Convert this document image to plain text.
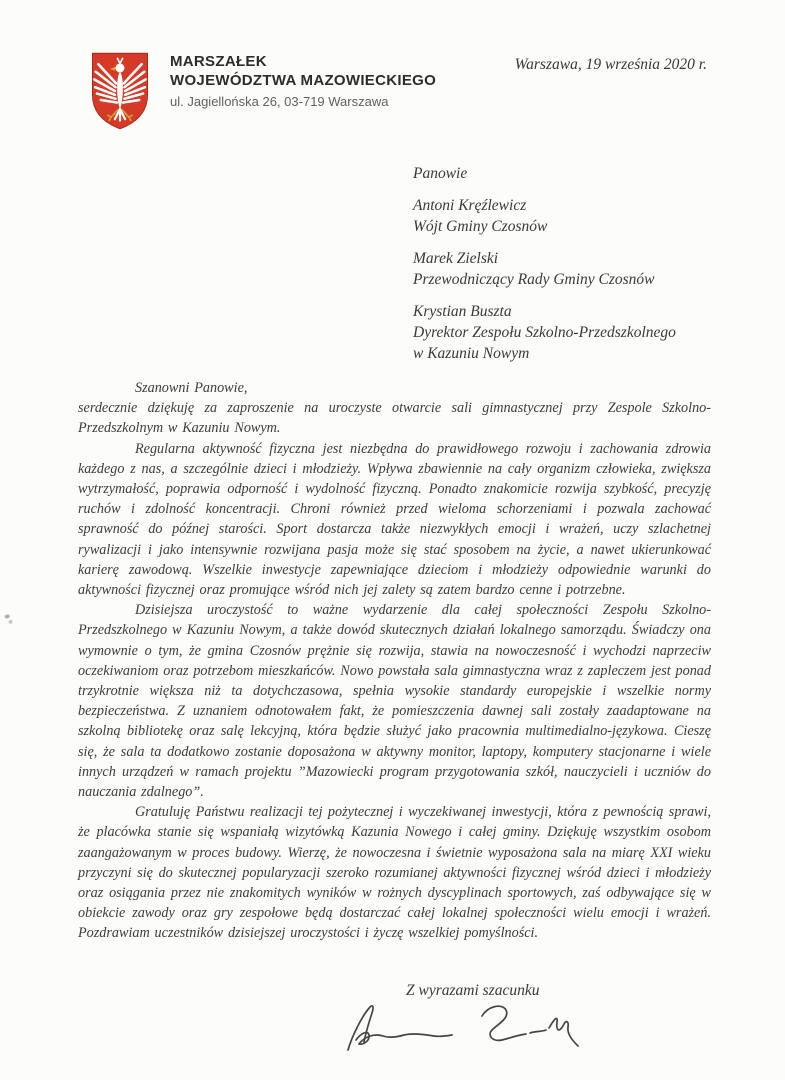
MARSZAŁEK
WOJEWÓDZTWA MAZOWIECKIEGO
ul. Jagiellońska 26, 03-719 Warszawa
Warszawa, 19 września 2020 r.
Panowie
Antoni Kręźlewicz
Wójt Gminy Czosnów
Marek Zielski
Przewodniczący Rady Gminy Czosnów
Krystian Buszta
Dyrektor Zespołu Szkolno-Przedszkolnego
w Kazuniu Nowym

Szanowni Panowie,

serdecznie dziękuję za zaproszenie na uroczyste otwarcie sali gimnastycznej przy Zespole Szkolno-Przedszkolnym w Kazuniu Nowym.

Regularna aktywność fizyczna jest niezbędna do prawidłowego rozwoju i zachowania zdrowia każdego z nas, a szczególnie dzieci i młodzieży. Wpływa zbawiennie na cały organizm człowieka, zwiększa wytrzymałość, poprawia odporność i wydolność fizyczną. Ponadto znakomicie rozwija szybkość, precyzję ruchów i zdolność koncentracji. Chroni również przed wieloma schorzeniami i pozwala zachować sprawność do późnej starości. Sport dostarcza także niezwykłych emocji i wrażeń, uczy szlachetnej rywalizacji i jako intensywnie rozwijana pasja może się stać sposobem na życie, a nawet ukierunkować karierę zawodową. Wszelkie inwestycje zapewniające dzieciom i młodzieży odpowiednie warunki do aktywności fizycznej oraz promujące wśród nich jej zalety są zatem bardzo cenne i potrzebne.

Dzisiejsza uroczystość to ważne wydarzenie dla całej społeczności Zespołu Szkolno-Przedszkolnego w Kazuniu Nowym, a także dowód skutecznych działań lokalnego samorządu. Świadczy ona wymownie o tym, że gmina Czosnów prężnie się rozwija, stawia na nowoczesność i wychodzi naprzeciw oczekiwaniom oraz potrzebom mieszkańców. Nowo powstała sala gimnastyczna wraz z zapleczem jest ponad trzykrotnie większa niż ta dotychczasowa, spełnia wysokie standardy europejskie i wszelkie normy bezpieczeństwa. Z uznaniem odnotowałem fakt, że pomieszczenia dawnej sali zostały zaadaptowane na szkolną bibliotekę oraz salę lekcyjną, która będzie służyć jako pracownia multimedialno-językowa. Cieszę się, że sala ta dodatkowo zostanie doposażona w aktywny monitor, laptopy, komputery stacjonarne i wiele innych urządzeń w ramach projektu ”Mazowiecki program przygotowania szkół, nauczycieli i uczniów do nauczania zdalnego”.

Gratuluję Państwu realizacji tej pożytecznej i wyczekiwanej inwestycji, która z pewnością sprawi, że placówka stanie się wspaniałą wizytówką Kazunia Nowego i całej gminy. Dziękuję wszystkim osobom zaangażowanym w proces budowy. Wierzę, że nowoczesna i świetnie wyposażona sala na miarę XXI wieku przyczyni się do skutecznej popularyzacji szeroko rozumianej aktywności fizycznej wśród dzieci i młodzieży oraz osiągania przez nie znakomitych wyników w rożnych dyscyplinach sportowych, zaś odbywające się w obiekcie zawody oraz gry zespołowe będą dostarczać całej lokalnej społeczności wielu emocji i wrażeń. Pozdrawiam uczestników dzisiejszej uroczystości i życzę wszelkiej pomyślności.

Z wyrazami szacunku
